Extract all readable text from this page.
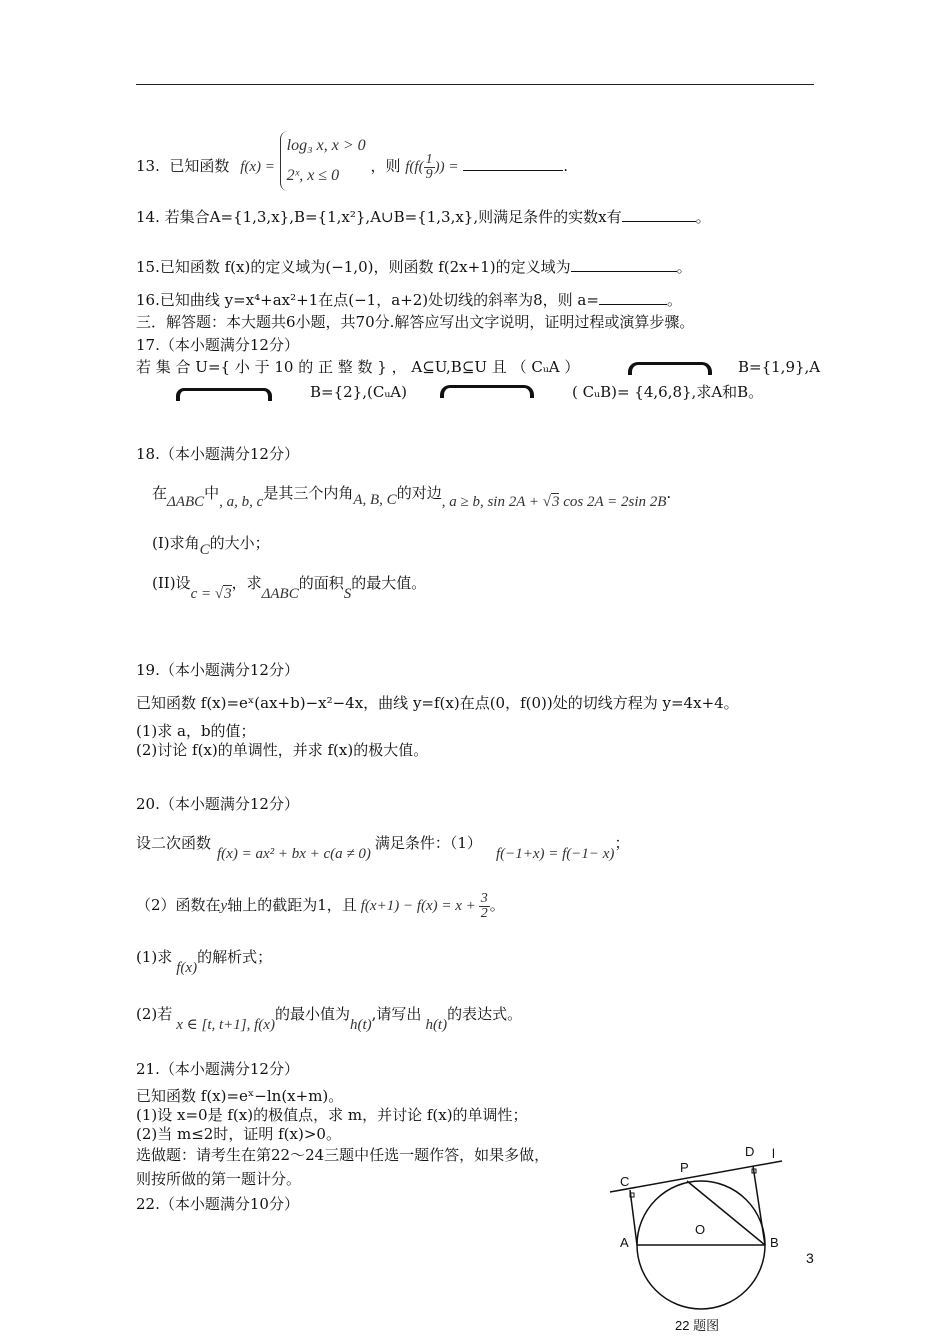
13. 已知函数 f(x) =
log₃ x, x > 0
2ˣ, x ≤ 0
，则 $f(f( \frac{1}{9}$ )) =	.
14. 若集合A={1,3,x},B={1,x²},A∪B={1,3,x},则满足条件的实数x有	。
15.已知函数 f(x)的定义域为(−1,0)，则函数 f(2x+1)的定义域为	。
16.已知曲线 y=x⁴+ax²+1在点(−1，a+2)处切线的斜率为8，则 a=	。
三．解答题：本大题共6小题，共70分.解答应写出文字说明，证明过程或演算步骤。
17.（本小题满分12分）
若 集 合 U={ 小 于 10 的 正 整 数 } ， A⊆U,B⊆U 且 （ CᵤA ）	B={1,9},A
B={2},(CᵤA)	( CᵤB)= {4,6,8},求A和B。
18.（本小题满分12分）
在ΔABC中, a, b, c是其三个内角A, B, C的对边, a ≥ b, sin 2A + √3 cos 2A = 2sin 2B.
(I)求角C的大小；
(II)设c = √3，求ΔABC的面积S的最大值。
19.（本小题满分12分）
已知函数 f(x)=eˣ(ax+b)−x²−4x，曲线 y=f(x)在点(0，f(0))处的切线方程为 y=4x+4。
(1)求 a，b的值；
(2)讨论 f(x)的单调性，并求 f(x)的极大值。
20.（本小题满分12分）
设二次函数f(x) = ax² + bx + c(a ≠ 0)满足条件：（1）f(−1+x) = f(−1− x)；
（2）函数在y轴上的截距为1，且 $f(x+1) - f(x) = x + \frac{3}{2}$ 。
(1)求f(x)的解析式；
(2)若x ∈ [t, t+1], f(x)的最小值为h(t),请写出h(t)的表达式。
21.（本小题满分12分）
已知函数 f(x)=eˣ−ln(x+m)。
(1)设 x=0是 f(x)的极值点，求 m，并讨论 f(x)的单调性；
(2)当 m≤2时，证明 f(x)>0。
选做题：请考生在第22～24三题中任选一题作答，如果多做，
则按所做的第一题计分。
22.（本小题满分10分）
C
P
D l
O
A	B
22 题图
3
